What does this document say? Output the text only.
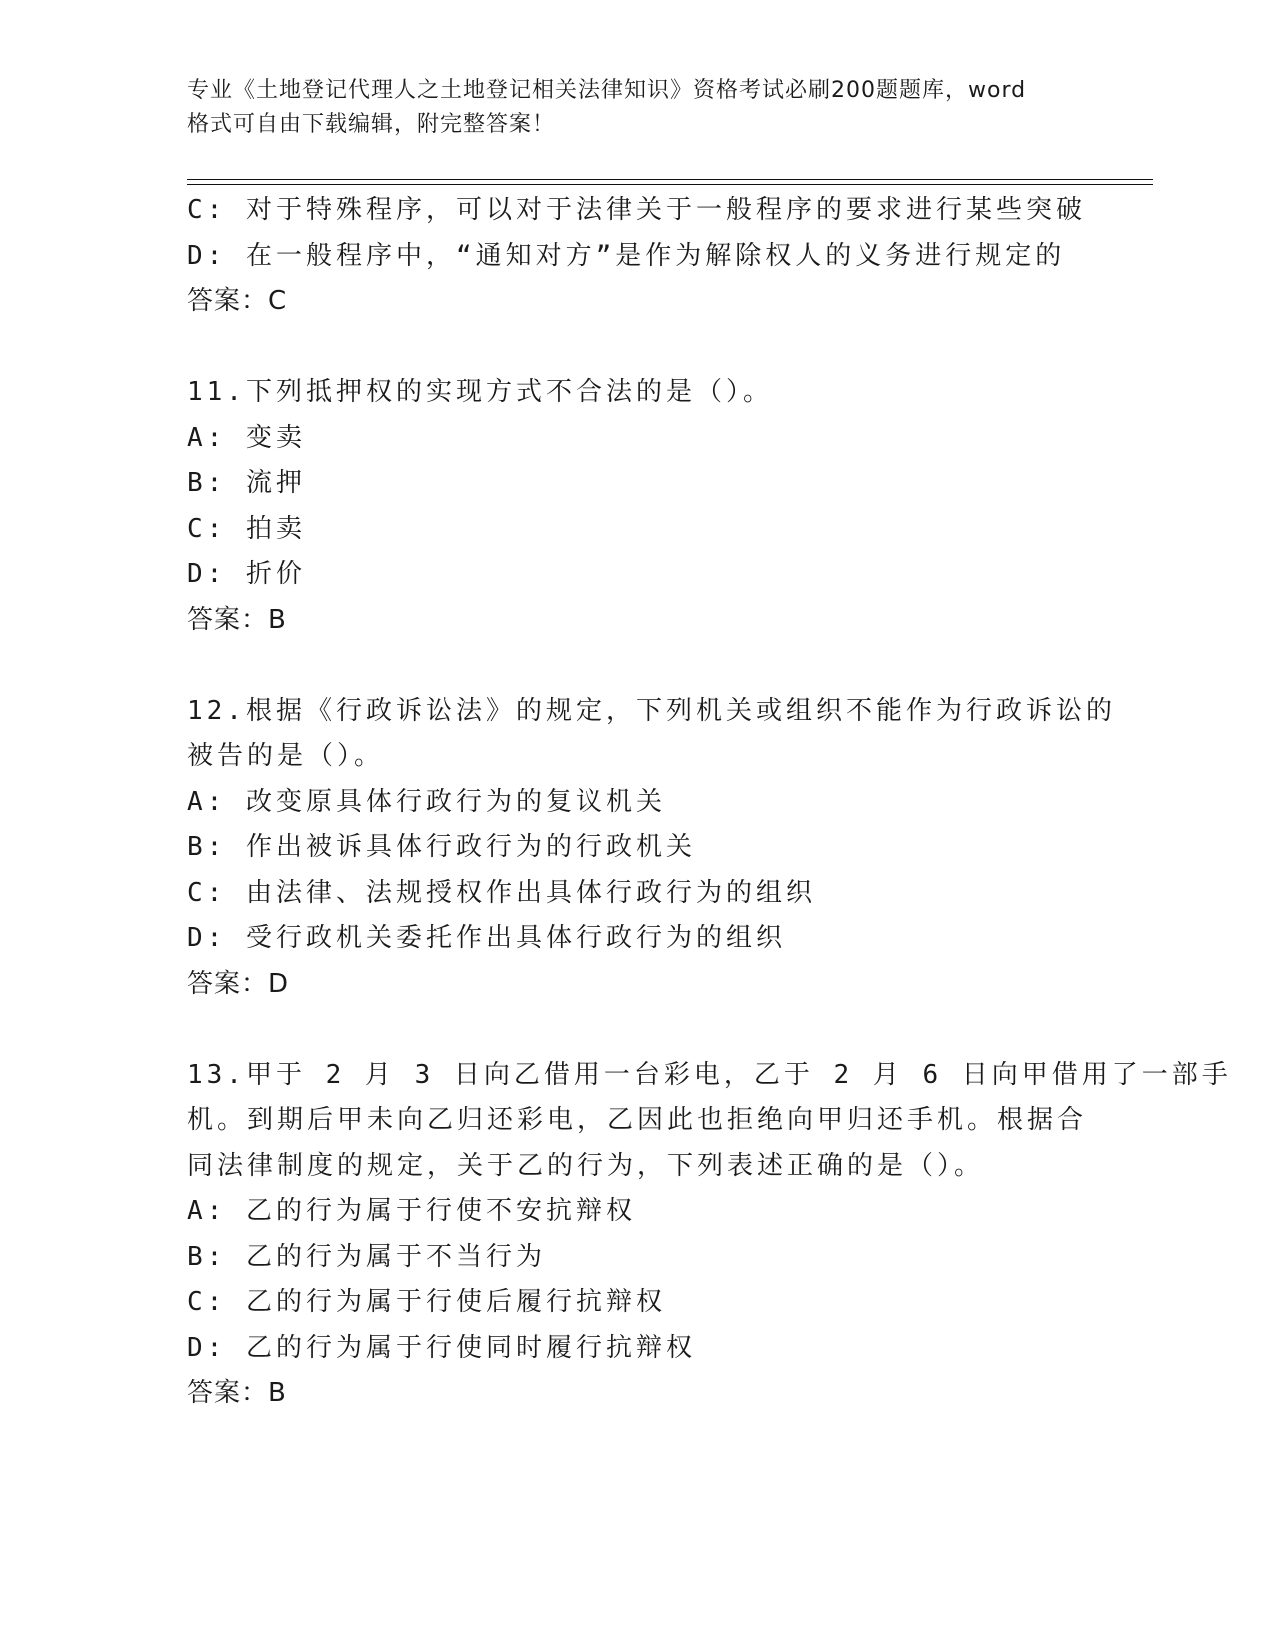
专业《土地登记代理人之土地登记相关法律知识》资格考试必刷200题题库，word
格式可自由下载编辑，附完整答案！

C: 对于特殊程序，可以对于法律关于一般程序的要求进行某些突破

D: 在一般程序中，“通知对方”是作为解除权人的义务进行规定的

答案：C

11.下列抵押权的实现方式不合法的是（）。

A: 变卖

B: 流押

C: 拍卖

D: 折价

答案：B

12.根据《行政诉讼法》的规定，下列机关或组织不能作为行政诉讼的

被告的是（）。

A: 改变原具体行政行为的复议机关

B: 作出被诉具体行政行为的行政机关

C: 由法律、法规授权作出具体行政行为的组织

D: 受行政机关委托作出具体行政行为的组织

答案：D

13.甲于 2 月 3 日向乙借用一台彩电，乙于 2 月 6 日向甲借用了一部手

机。到期后甲未向乙归还彩电，乙因此也拒绝向甲归还手机。根据合

同法律制度的规定，关于乙的行为，下列表述正确的是（）。

A: 乙的行为属于行使不安抗辩权

B: 乙的行为属于不当行为

C: 乙的行为属于行使后履行抗辩权

D: 乙的行为属于行使同时履行抗辩权

答案：B
